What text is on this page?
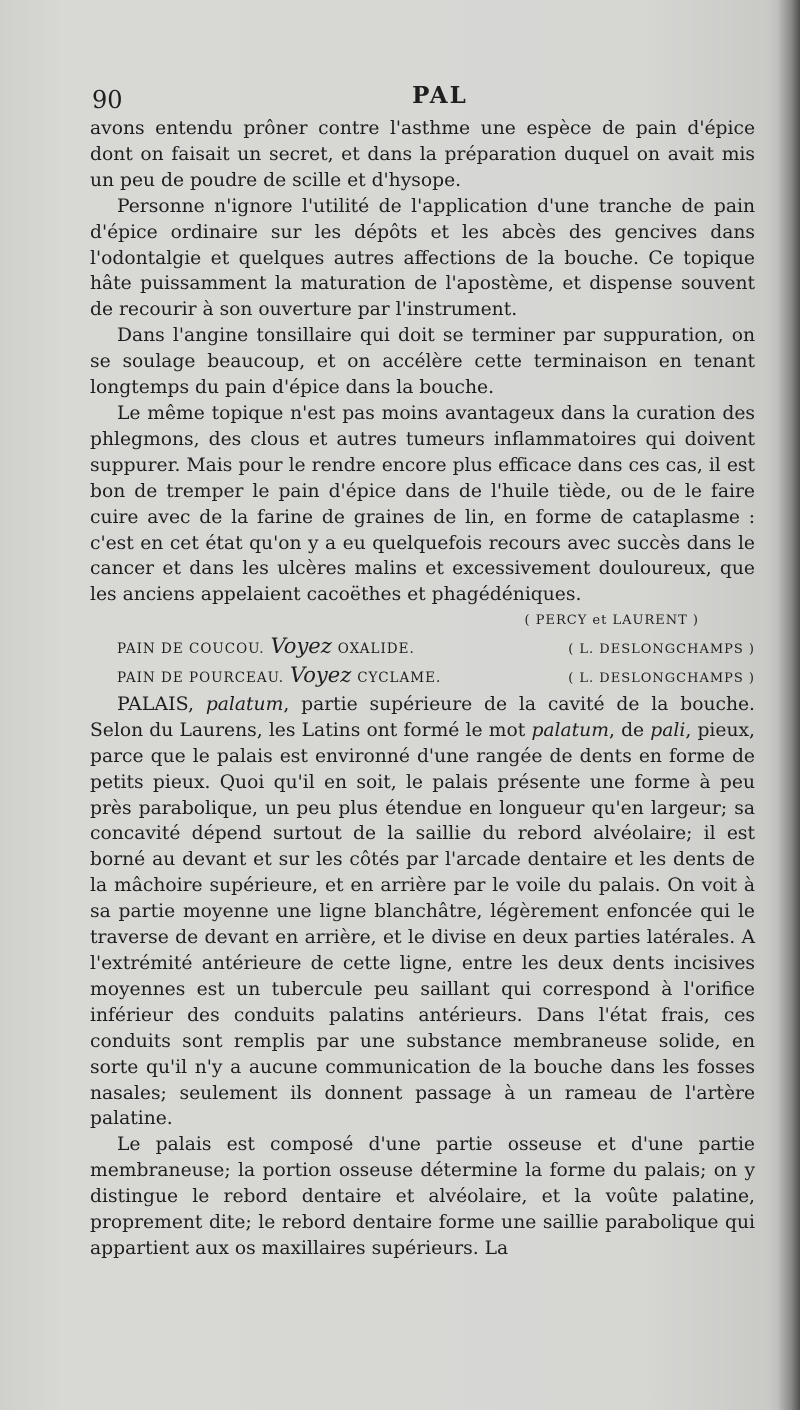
90	PAL

avons entendu prôner contre l'asthme une espèce de pain d'épice dont on faisait un secret, et dans la préparation duquel on avait mis un peu de poudre de scille et d'hysope.

Personne n'ignore l'utilité de l'application d'une tranche de pain d'épice ordinaire sur les dépôts et les abcès des gencives dans l'odontalgie et quelques autres affections de la bouche. Ce topique hâte puissamment la maturation de l'apostème, et dispense souvent de recourir à son ouverture par l'instrument.

Dans l'angine tonsillaire qui doit se terminer par suppuration, on se soulage beaucoup, et on accélère cette terminaison en tenant longtemps du pain d'épice dans la bouche.

Le même topique n'est pas moins avantageux dans la curation des phlegmons, des clous et autres tumeurs inflammatoires qui doivent suppurer. Mais pour le rendre encore plus efficace dans ces cas, il est bon de tremper le pain d'épice dans de l'huile tiède, ou de le faire cuire avec de la farine de graines de lin, en forme de cataplasme : c'est en cet état qu'on y a eu quelquefois recours avec succès dans le cancer et dans les ulcères malins et excessivement douloureux, que les anciens appelaient cacoëthes et phagédéniques.

( PERCY et LAURENT )
PAIN DE COUCOU. Voyez OXALIDE.	( L. DESLONGCHAMPS )
PAIN DE POURCEAU. Voyez CYCLAME.	( L. DESLONGCHAMPS )

PALAIS, palatum, partie supérieure de la cavité de la bouche. Selon du Laurens, les Latins ont formé le mot palatum, de pali, pieux, parce que le palais est environné d'une rangée de dents en forme de petits pieux. Quoi qu'il en soit, le palais présente une forme à peu près parabolique, un peu plus étendue en longueur qu'en largeur; sa concavité dépend surtout de la saillie du rebord alvéolaire; il est borné au devant et sur les côtés par l'arcade dentaire et les dents de la mâchoire supérieure, et en arrière par le voile du palais. On voit à sa partie moyenne une ligne blanchâtre, légèrement enfoncée qui le traverse de devant en arrière, et le divise en deux parties latérales. A l'extrémité antérieure de cette ligne, entre les deux dents incisives moyennes est un tubercule peu saillant qui correspond à l'orifice inférieur des conduits palatins antérieurs. Dans l'état frais, ces conduits sont remplis par une substance membraneuse solide, en sorte qu'il n'y a aucune communication de la bouche dans les fosses nasales; seulement ils donnent passage à un rameau de l'artère palatine.

Le palais est composé d'une partie osseuse et d'une partie membraneuse; la portion osseuse détermine la forme du palais; on y distingue le rebord dentaire et alvéolaire, et la voûte palatine, proprement dite; le rebord dentaire forme une saillie parabolique qui appartient aux os maxillaires supérieurs. La
